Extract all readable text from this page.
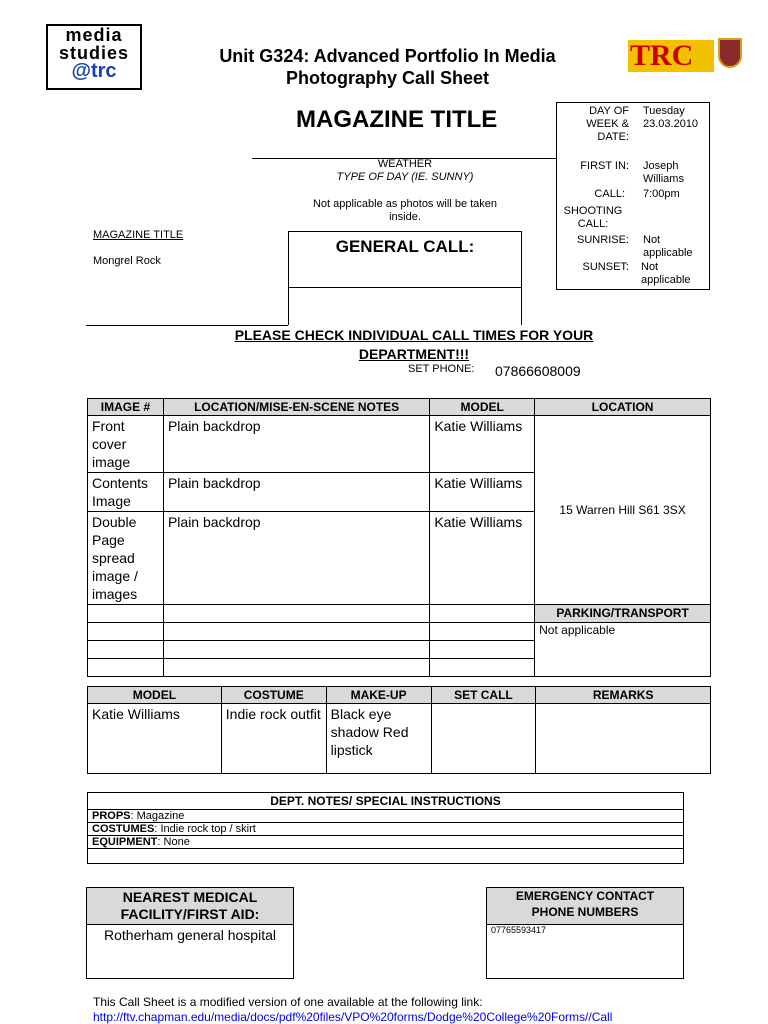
media
studies
@trc
Unit G324: Advanced Portfolio In Media
Photography Call Sheet
TRC
MAGAZINE TITLE	DAY OF WEEK & DATE:
Tuesday 23.03.2010
FIRST IN: Joseph Williams
CALL: 7:00pm
SHOOTING CALL:
SUNRISE: Not applicable
SUNSET: Not applicable
WEATHER
TYPE OF DAY (IE. SUNNY)
Not applicable as photos will be taken inside.
MAGAZINE TITLE
Mongrel Rock
GENERAL CALL:
PLEASE CHECK INDIVIDUAL CALL TIMES FOR YOUR DEPARTMENT!!!
SET PHONE: 07866608009
IMAGE #	LOCATION/MISE-EN-SCENE NOTES	MODEL	LOCATION
Front cover image	Plain backdrop	Katie Williams	15 Warren Hill S61 3SX
Contents Image	Plain backdrop	Katie Williams	
Double Page spread image / images	Plain backdrop	Katie Williams	
			PARKING/TRANSPORT
			Not applicable

MODEL	COSTUME	MAKE-UP	SET CALL	REMARKS
Katie Williams	Indie rock outfit	Black eye shadow Red lipstick		
DEPT. NOTES/ SPECIAL INSTRUCTIONS
PROPS: Magazine
COSTUMES: Indie rock top / skirt
EQUIPMENT: None

NEAREST MEDICAL FACILITY/FIRST AID:
Rotherham general hospital
EMERGENCY CONTACT PHONE NUMBERS
07765593417
This Call Sheet is a modified version of one available at the following link:
http://ftv.chapman.edu/media/docs/pdf%20files/VPO%20forms/Dodge%20College%20Forms//Call
